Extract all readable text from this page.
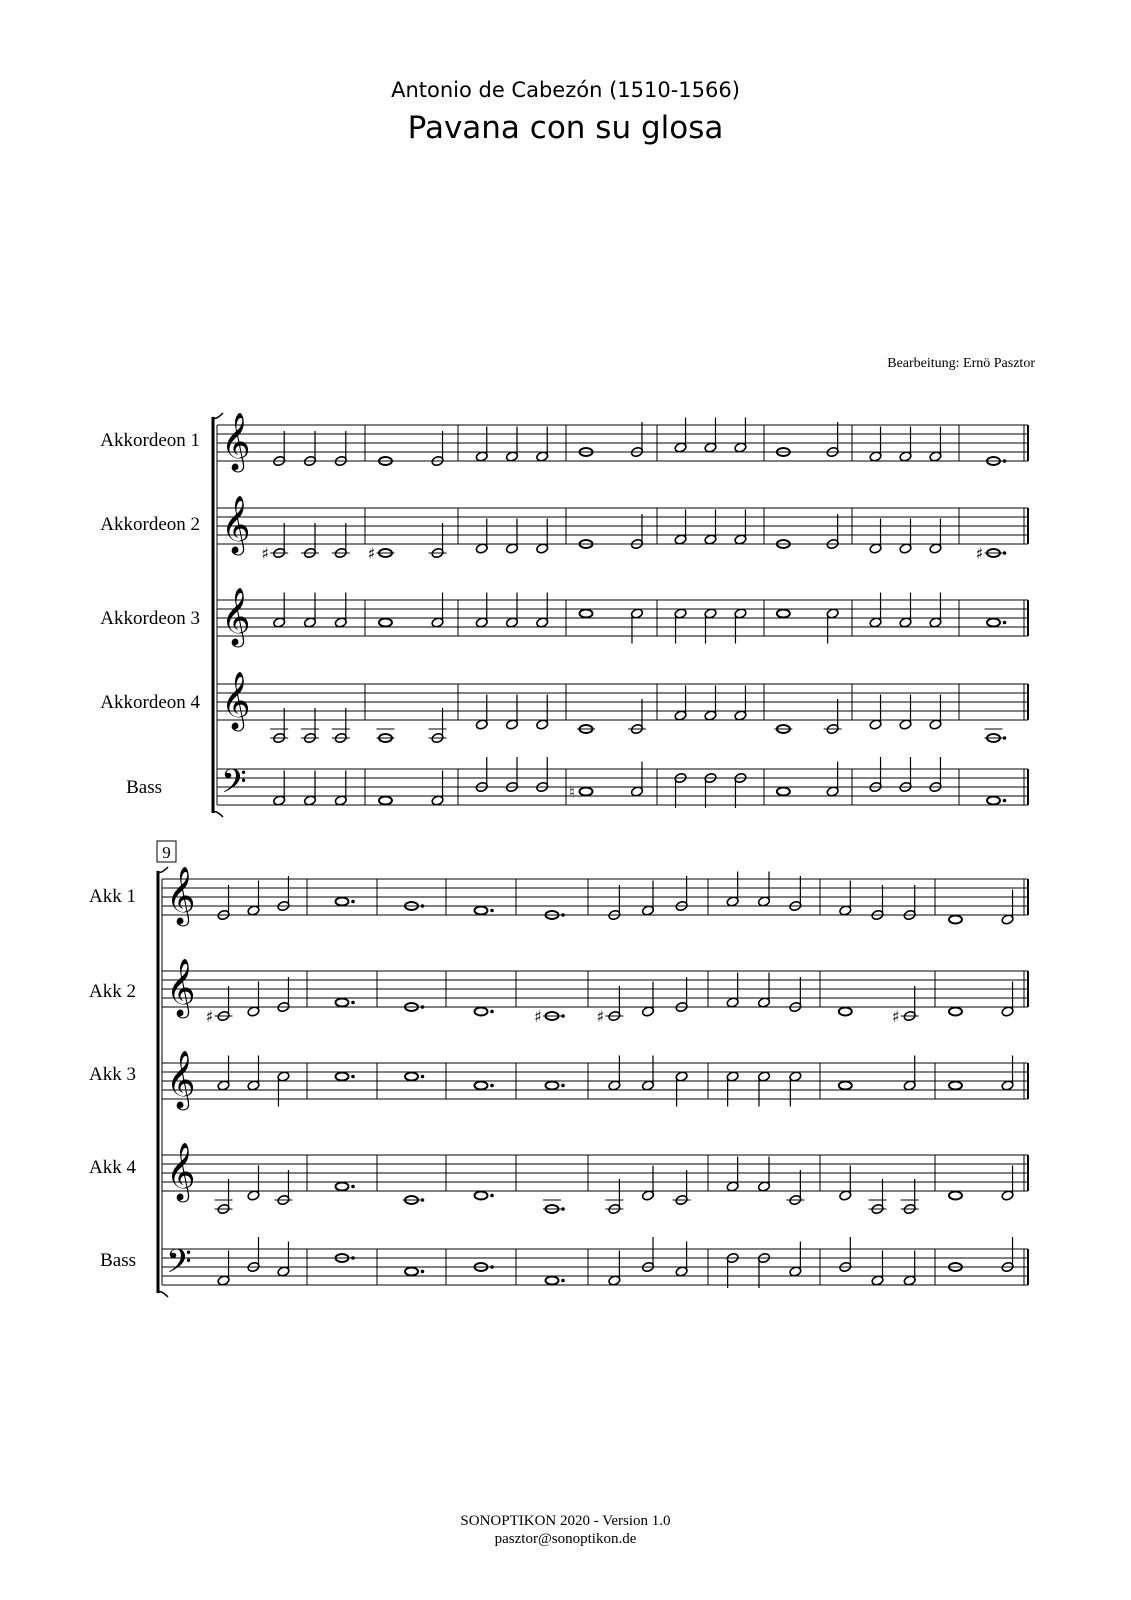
Antonio de Cabezón (1510-1566)
Pavana con su glosa
Bearbeitung: Ernö Pasztor
Akkordeon 1
Akkordeon 2
Akkordeon 3
Akkordeon 4
Bass
Akk 1
Akk 2
Akk 3
Akk 4
Bass
𝄞
𝄞
♯	♯	♯
𝄞
𝄞
𝄢	♮
𝄞
𝄞
♯	♯	♯	♯
𝄞
𝄞
𝄢
9
SONOPTIKON 2020 - Version 1.0
pasztor@sonoptikon.de
